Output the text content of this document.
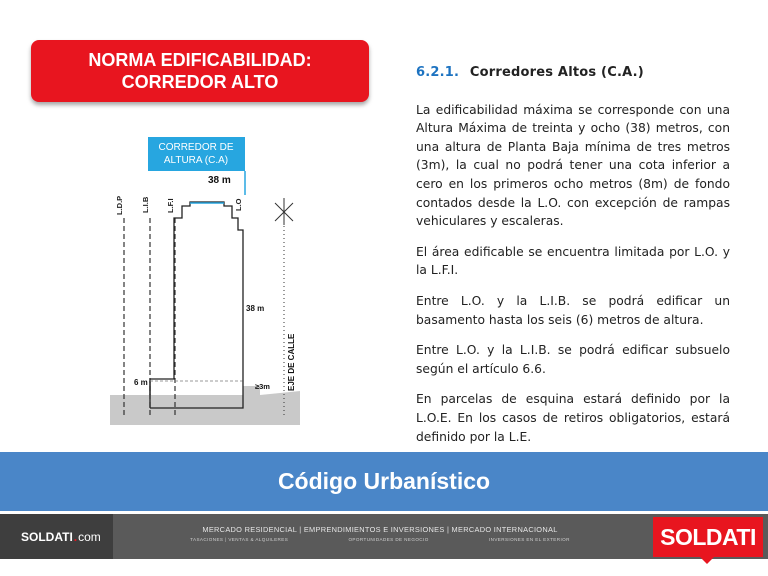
NORMA EDIFICABILIDAD:
CORREDOR ALTO
CORREDOR DE
ALTURA (C.A)
38 m
L.D.P L.I.B L.F.I	L.O
38 m
6 m	≥3m EJE DE CALLE
6.2.1. Corredores Altos (C.A.)

La edificabilidad máxima se corresponde con una Altura Máxima de treinta y ocho (38) metros, con una altura de Planta Baja mínima de tres metros (3m), la cual no podrá tener una cota inferior a cero en los primeros ocho metros (8m) de fondo contados desde la L.O. con excepción de rampas vehiculares y escaleras.

El área edificable se encuentra limitada por L.O. y la L.F.I.

Entre L.O. y la L.I.B. se podrá edificar un basamento hasta los seis (6) metros de altura.

Entre L.O. y la L.I.B. se podrá edificar subsuelo según el artículo 6.6.

En parcelas de esquina estará definido por la L.O.E. En los casos de retiros obligatorios, estará definido por la L.E.

Código Urbanístico
SOLDATI . com	MERCADO RESIDENCIAL | EMPRENDIMIENTOS E INVERSIONES | MERCADO INTERNACIONAL
TASACIONES | VENTAS & ALQUILERES	OPORTUNIDADES DE NEGOCIO	INVERSIONES EN EL EXTERIOR	SOLDATI
